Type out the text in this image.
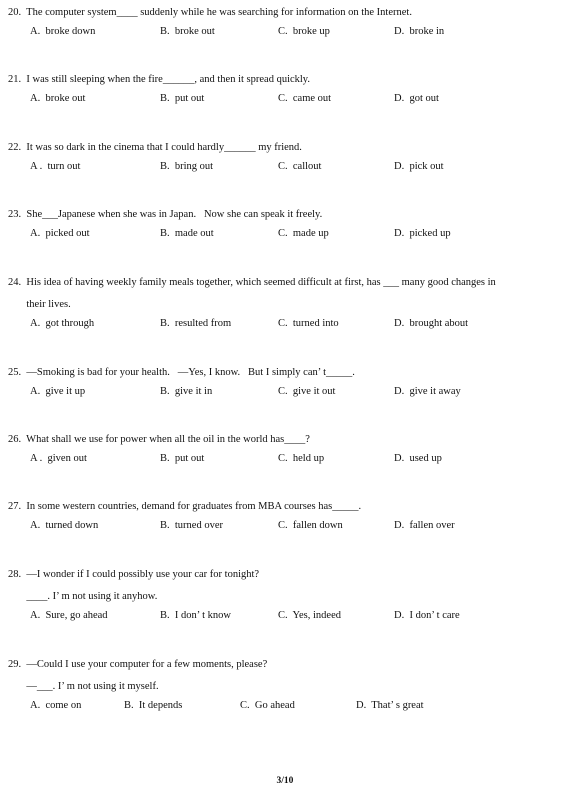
20.  The computer system____ suddenly while he was searching for information on the Internet.
A.  broke down	B.  broke out	C.  broke up	D.  broke in
21.  I was still sleeping when the fire______, and then it spread quickly.
A.  broke out	B.  put out	C.  came out	D.  got out
22.  It was so dark in the cinema that I could hardly______ my friend.
A .  turn out	B.  bring out	C.  callout	D.  pick out
23.  She___Japanese when she was in Japan.   Now she can speak it freely.
A.  picked out	B.  made out	C.  made up	D.  picked up
24.  His idea of having weekly family meals together, which seemed difficult at first, has ___ many good changes in
their lives.
A.  got through	B.  resulted from	C.  turned into	D.  brought about
25.  —Smoking is bad for your health.   —Yes, I know.   But I simply can’ t_____.
A.  give it up	B.  give it in	C.  give it out	D.  give it away
26.  What shall we use for power when all the oil in the world has____?
A .  given out	B.  put out	C.  held up	D.  used up
27.  In some western countries, demand for graduates from MBA courses has_____.
A.  turned down	B.  turned over	C.  fallen down	D.  fallen over
28.  —I wonder if I could possibly use your car for tonight?
____. I’ m not using it anyhow.
A.  Sure, go ahead	B.  I don’ t know	C.  Yes, indeed	D.  I don’ t care
29.  —Could I use your computer for a few moments, please?
—___. I’ m not using it myself.
A.  come on	B.  It depends	C.  Go ahead	D.  That’ s great
3/10
